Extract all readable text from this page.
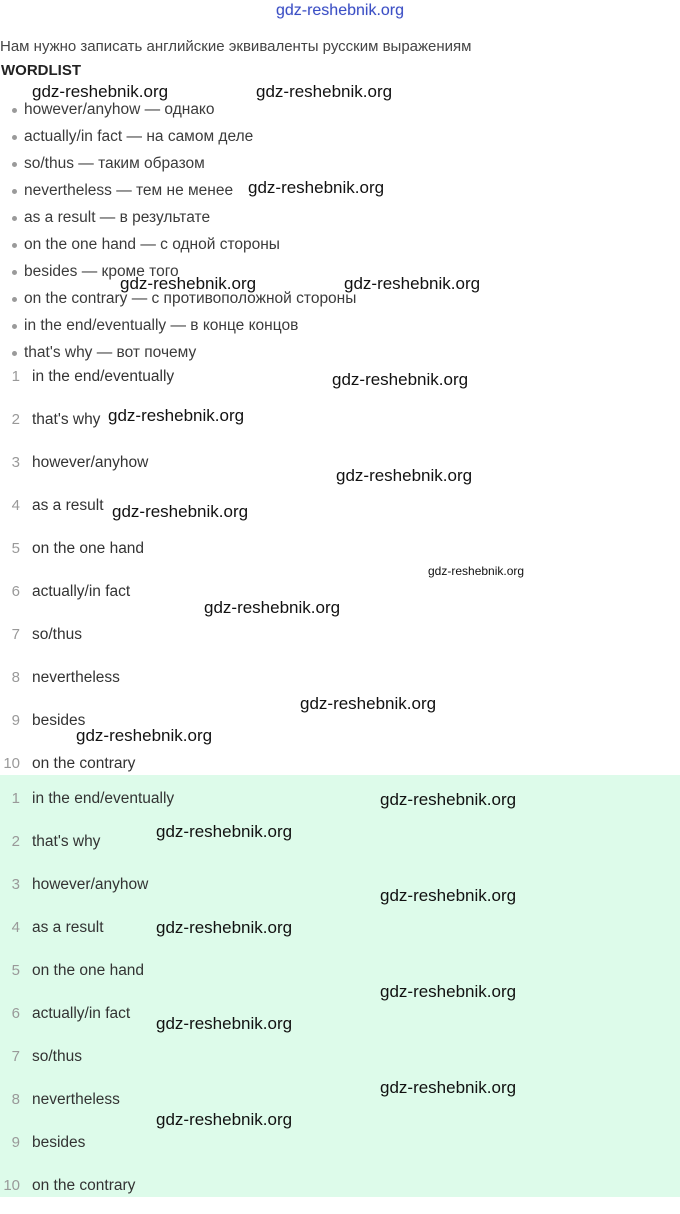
gdz-reshebnik.org
Нам нужно записать английские эквиваленты русским выражениям
WORDLIST
however/anyhow — однако
actually/in fact — на самом деле
so/thus — таким образом
nevertheless — тем не менее
as a result — в результате
on the one hand — с одной стороны
besides — кроме того
on the contrary — с противоположной стороны
in the end/eventually — в конце концов
that's why — вот почему
1 in the end/eventually
2 that's why
3 however/anyhow
4 as a result
5 on the one hand
6 actually/in fact
7 so/thus
8 nevertheless
9 besides
10 on the contrary
1 in the end/eventually
2 that's why
3 however/anyhow
4 as a result
5 on the one hand
6 actually/in fact
7 so/thus
8 nevertheless
9 besides
10 on the contrary
gdz-reshebnik.org	gdz-reshebnik.org
gdz-reshebnik.org
gdz-reshebnik.org	gdz-reshebnik.org
gdz-reshebnik.org
gdz-reshebnik.org
gdz-reshebnik.org
gdz-reshebnik.org
gdz-reshebnik.org
gdz-reshebnik.org
gdz-reshebnik.org
gdz-reshebnik.org
gdz-reshebnik.org
gdz-reshebnik.org
gdz-reshebnik.org
gdz-reshebnik.org
gdz-reshebnik.org
gdz-reshebnik.org
gdz-reshebnik.org
gdz-reshebnik.org
